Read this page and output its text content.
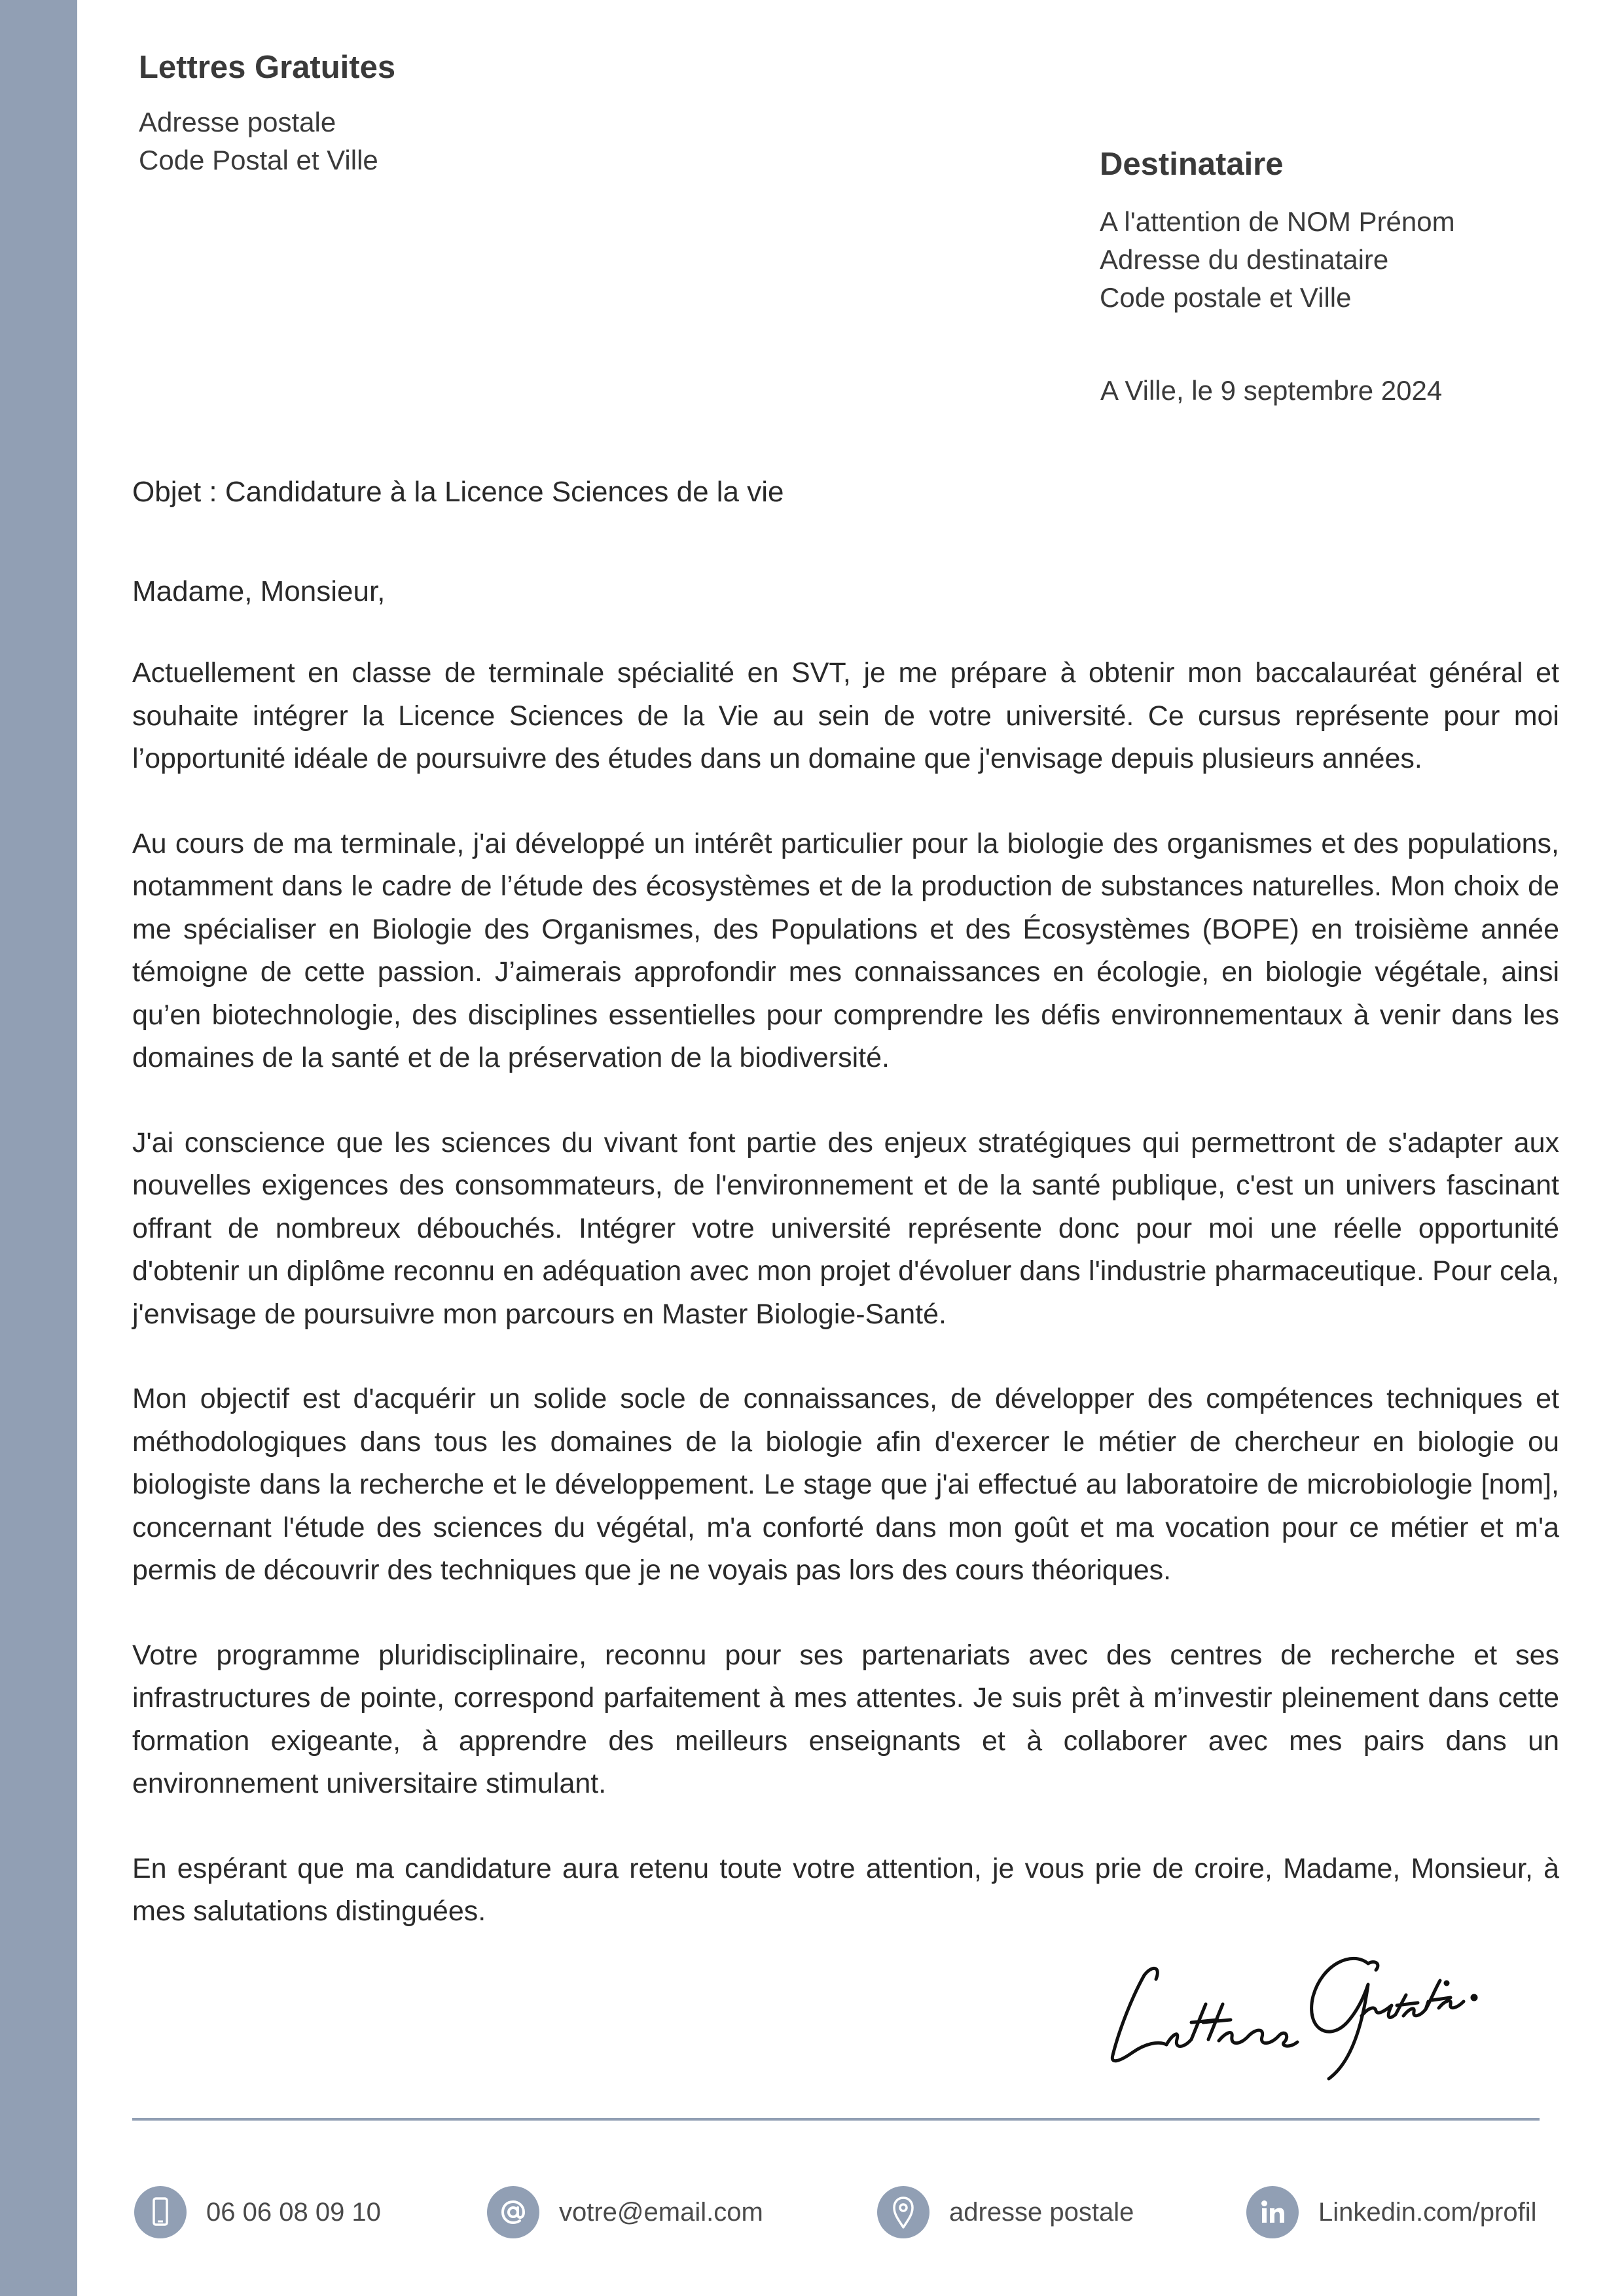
Lettres Gratuites
Adresse postale
Code Postal et Ville	Destinataire
A l'attention de NOM Prénom
Adresse du destinataire
Code postale et Ville
A Ville, le 9 septembre 2024
Objet : Candidature à la Licence Sciences de la vie
Madame, Monsieur,

Actuellement en classe de terminale spécialité en SVT, je me prépare à obtenir mon baccalauréat général et souhaite intégrer la Licence Sciences de la Vie au sein de votre université. Ce cursus représente pour moi l’opportunité idéale de poursuivre des études dans un domaine que j'envisage depuis plusieurs années.

Au cours de ma terminale, j'ai développé un intérêt particulier pour la biologie des organismes et des populations, notamment dans le cadre de l’étude des écosystèmes et de la production de substances naturelles. Mon choix de me spécialiser en Biologie des Organismes, des Populations et des Écosystèmes (BOPE) en troisième année témoigne de cette passion. J’aimerais approfondir mes connaissances en écologie, en biologie végétale, ainsi qu’en biotechnologie, des disciplines essentielles pour comprendre les défis environnementaux à venir dans les domaines de la santé et de la préservation de la biodiversité.

J'ai conscience que les sciences du vivant font partie des enjeux stratégiques qui permettront de s'adapter aux nouvelles exigences des consommateurs, de l'environnement et de la santé publique, c'est un univers fascinant offrant de nombreux débouchés. Intégrer votre université représente donc pour moi une réelle opportunité d'obtenir un diplôme reconnu en adéquation avec mon projet d'évoluer dans l'industrie pharmaceutique. Pour cela, j'envisage de poursuivre mon parcours en Master Biologie-Santé.

Mon objectif est d'acquérir un solide socle de connaissances, de développer des compétences techniques et méthodologiques dans tous les domaines de la biologie afin d'exercer le métier de chercheur en biologie ou biologiste dans la recherche et le développement. Le stage que j'ai effectué au laboratoire de microbiologie [nom], concernant l'étude des sciences du végétal, m'a conforté dans mon goût et ma vocation pour ce métier et m'a permis de découvrir des techniques que je ne voyais pas lors des cours théoriques.

Votre programme pluridisciplinaire, reconnu pour ses partenariats avec des centres de recherche et ses infrastructures de pointe, correspond parfaitement à mes attentes. Je suis prêt à m’investir pleinement dans cette formation exigeante, à apprendre des meilleurs enseignants et à collaborer avec mes pairs dans un environnement universitaire stimulant.

En espérant que ma candidature aura retenu toute votre attention, je vous prie de croire, Madame, Monsieur, à mes salutations distinguées.

06 06 08 09 10	votre@email.com	adresse postale	Linkedin.com/profil
